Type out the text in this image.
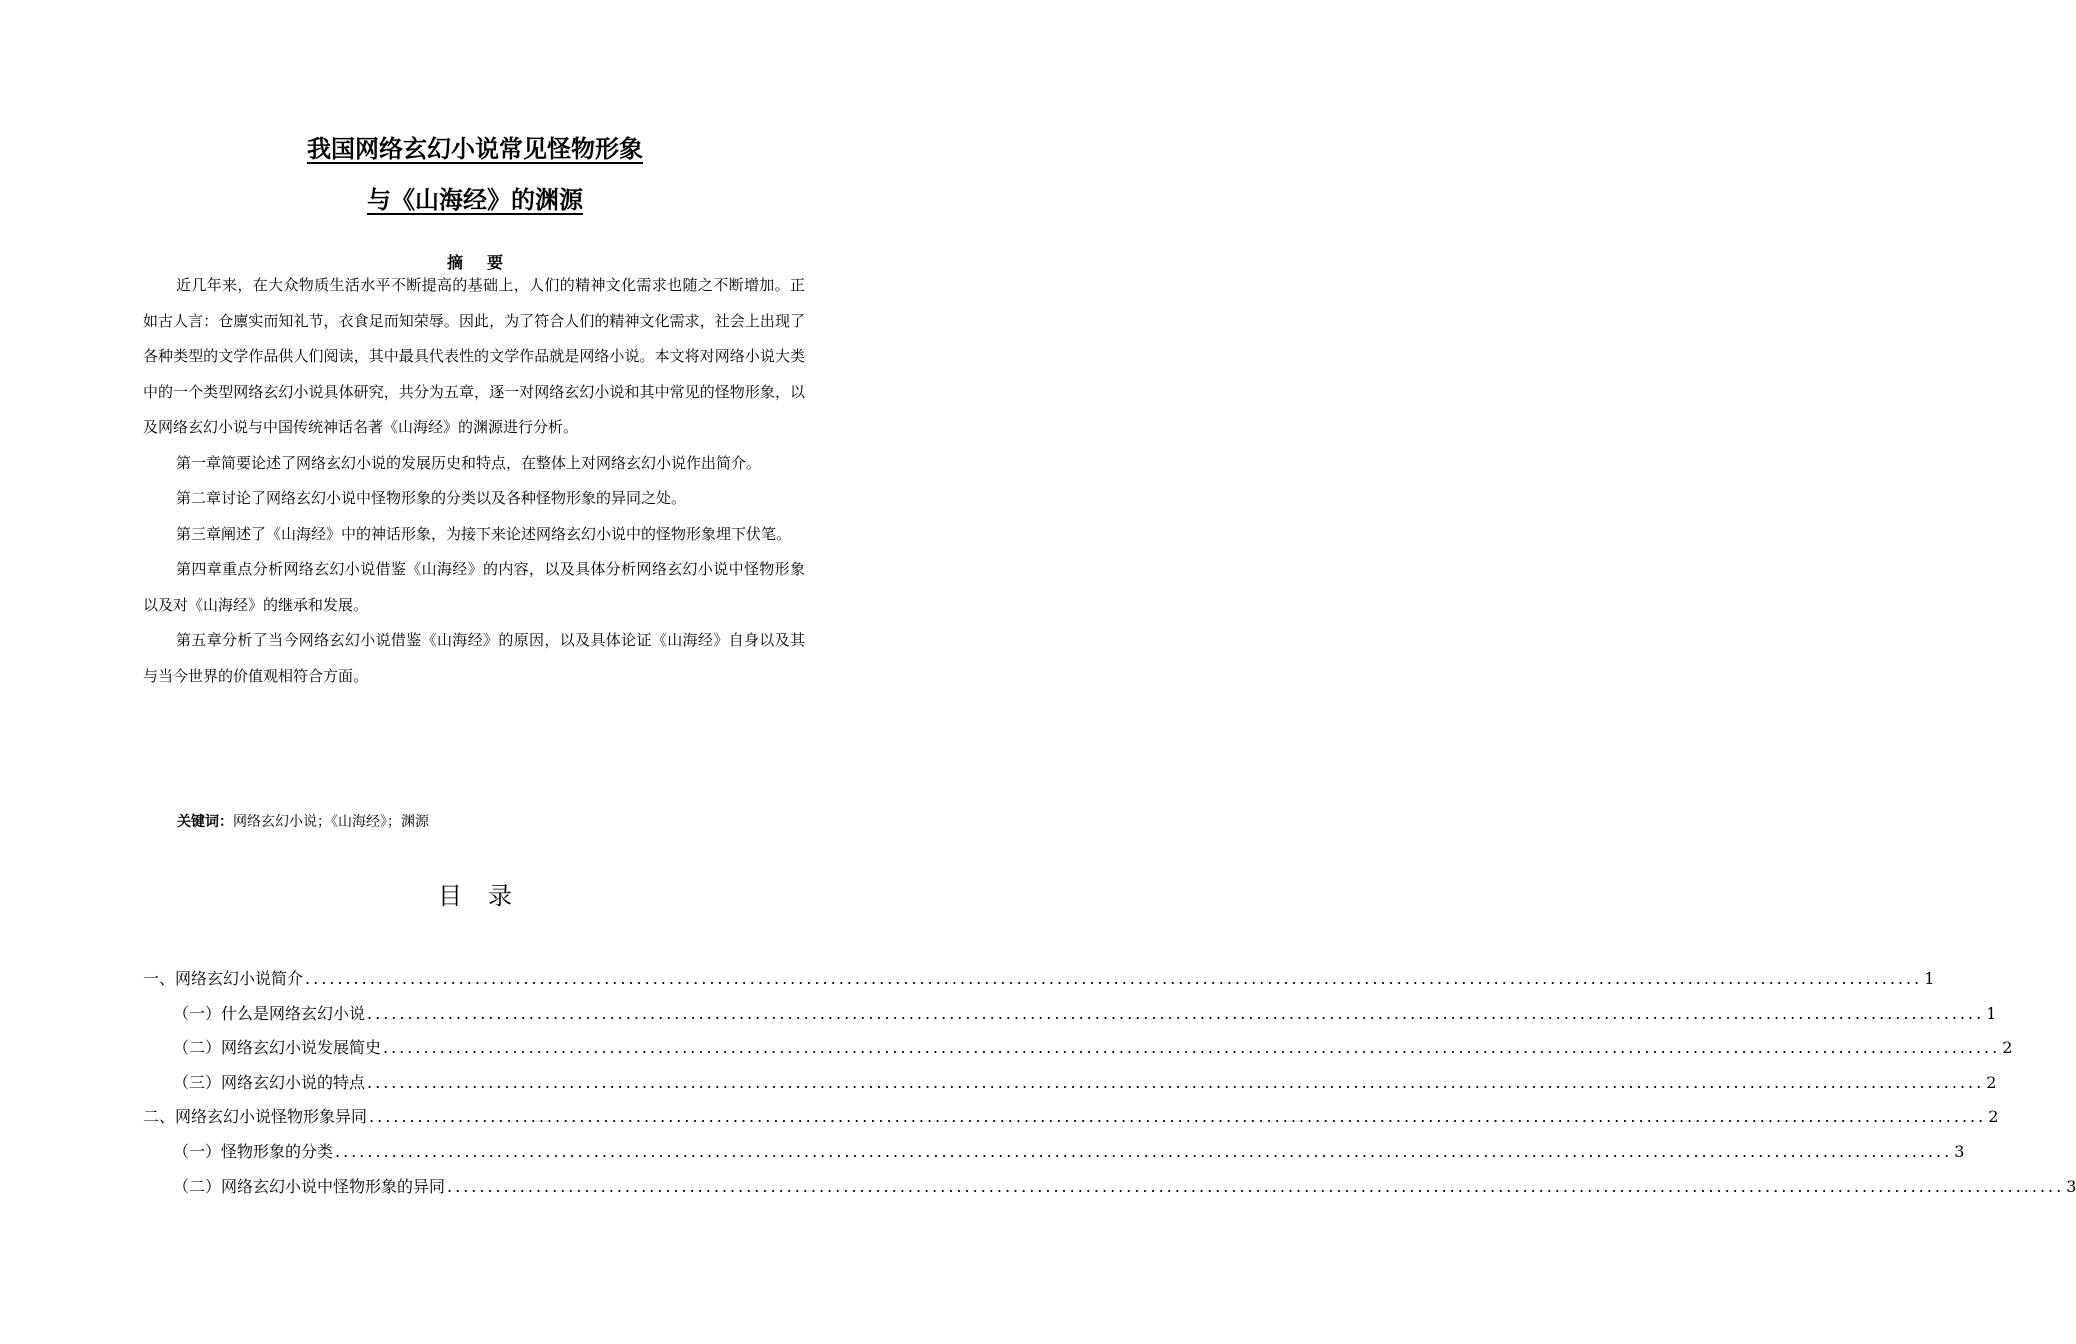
我国网络玄幻小说常见怪物形象
与《山海经》的渊源
摘要

近几年来，在大众物质生活水平不断提高的基础上，人们的精神文化需求也随之不断增加。正如古人言：仓廪实而知礼节，衣食足而知荣辱。因此，为了符合人们的精神文化需求，社会上出现了各种类型的文学作品供人们阅读，其中最具代表性的文学作品就是网络小说。本文将对网络小说大类中的一个类型网络玄幻小说具体研究，共分为五章，逐一对网络玄幻小说和其中常见的怪物形象，以及网络玄幻小说与中国传统神话名著《山海经》的渊源进行分析。

第一章简要论述了网络玄幻小说的发展历史和特点，在整体上对网络玄幻小说作出简介。

第二章讨论了网络玄幻小说中怪物形象的分类以及各种怪物形象的异同之处。

第三章阐述了《山海经》中的神话形象，为接下来论述网络玄幻小说中的怪物形象埋下伏笔。

第四章重点分析网络玄幻小说借鉴《山海经》的内容，以及具体分析网络玄幻小说中怪物形象以及对《山海经》的继承和发展。

第五章分析了当今网络玄幻小说借鉴《山海经》的原因，以及具体论证《山海经》自身以及其与当今世界的价值观相符合方面。

关键词：网络玄幻小说；《山海经》；渊源
目录
一、网络玄幻小说简介 ........................................................................................................................................................................................................ 1
（一）什么是网络玄幻小说 ........................................................................................................................................................................................................ 1
（二）网络玄幻小说发展简史 ........................................................................................................................................................................................................ 2
（三）网络玄幻小说的特点 ........................................................................................................................................................................................................ 2
二、网络玄幻小说怪物形象异同 ........................................................................................................................................................................................................ 2
（一）怪物形象的分类 ........................................................................................................................................................................................................ 3
（二）网络玄幻小说中怪物形象的异同 ........................................................................................................................................................................................................ 3
